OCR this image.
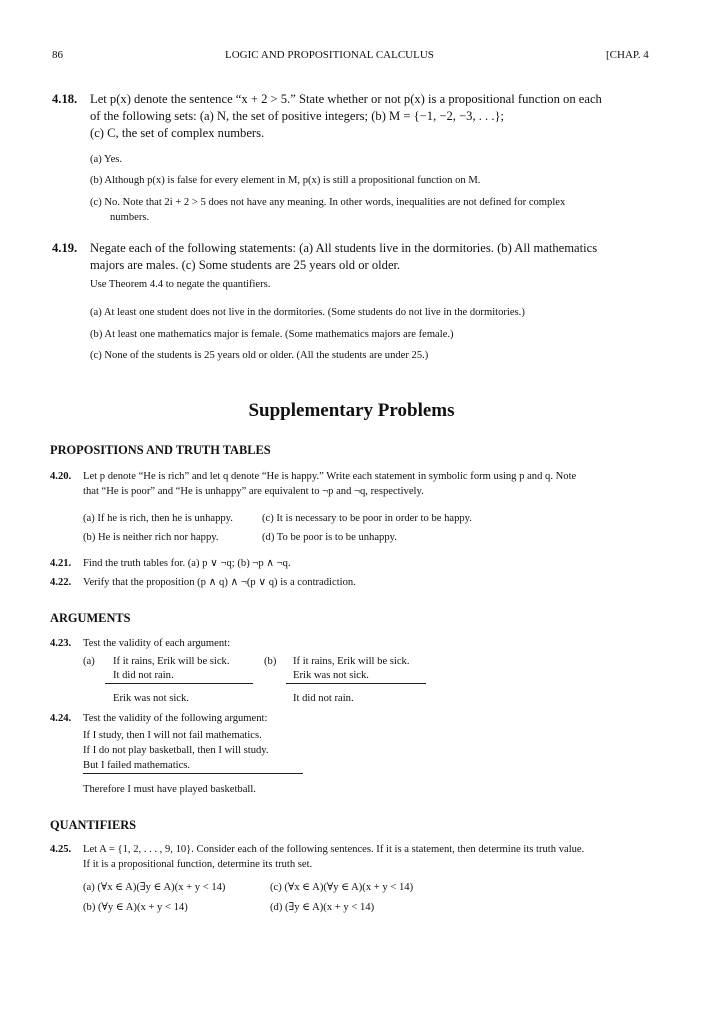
86	LOGIC AND PROPOSITIONAL CALCULUS	[CHAP. 4
4.18. Let p(x) denote the sentence “x + 2 > 5.” State whether or not p(x) is a propositional function on each
of the following sets: (a) N, the set of positive integers; (b) M = {−1, −2, −3, . . .};
(c) C, the set of complex numbers.
(a) Yes.
(b) Although p(x) is false for every element in M, p(x) is still a propositional function on M.
(c) No. Note that 2i + 2 > 5 does not have any meaning. In other words, inequalities are not defined for complex
numbers.
4.19. Negate each of the following statements: (a) All students live in the dormitories. (b) All mathematics
majors are males. (c) Some students are 25 years old or older.
Use Theorem 4.4 to negate the quantifiers.
(a) At least one student does not live in the dormitories. (Some students do not live in the dormitories.)
(b) At least one mathematics major is female. (Some mathematics majors are female.)
(c) None of the students is 25 years old or older. (All the students are under 25.)
Supplementary Problems
PROPOSITIONS AND TRUTH TABLES
4.20. Let p denote “He is rich” and let q denote “He is happy.” Write each statement in symbolic form using p and q. Note
that “He is poor” and “He is unhappy” are equivalent to ¬p and ¬q, respectively.
(a) If he is rich, then he is unhappy.	(c) It is necessary to be poor in order to be happy.
(b) He is neither rich nor happy.	(d) To be poor is to be unhappy.
4.21. Find the truth tables for. (a) p ∨ ¬q; (b) ¬p ∧ ¬q.
4.22. Verify that the proposition (p ∧ q) ∧ ¬(p ∨ q) is a contradiction.
ARGUMENTS
4.23. Test the validity of each argument:
(a) If it rains, Erik will be sick.
It did not rain.
Erik was not sick.
(b) If it rains, Erik will be sick.
Erik was not sick.
It did not rain.
4.24. Test the validity of the following argument:
If I study, then I will not fail mathematics.
If I do not play basketball, then I will study.
But I failed mathematics.
Therefore I must have played basketball.
QUANTIFIERS
4.25. Let A = {1, 2, . . . , 9, 10}. Consider each of the following sentences. If it is a statement, then determine its truth value.
If it is a propositional function, determine its truth set.
(a) (∀x ∈ A)(∃y ∈ A)(x + y < 14)	(c) (∀x ∈ A)(∀y ∈ A)(x + y < 14)
(b) (∀y ∈ A)(x + y < 14)	(d) (∃y ∈ A)(x + y < 14)
